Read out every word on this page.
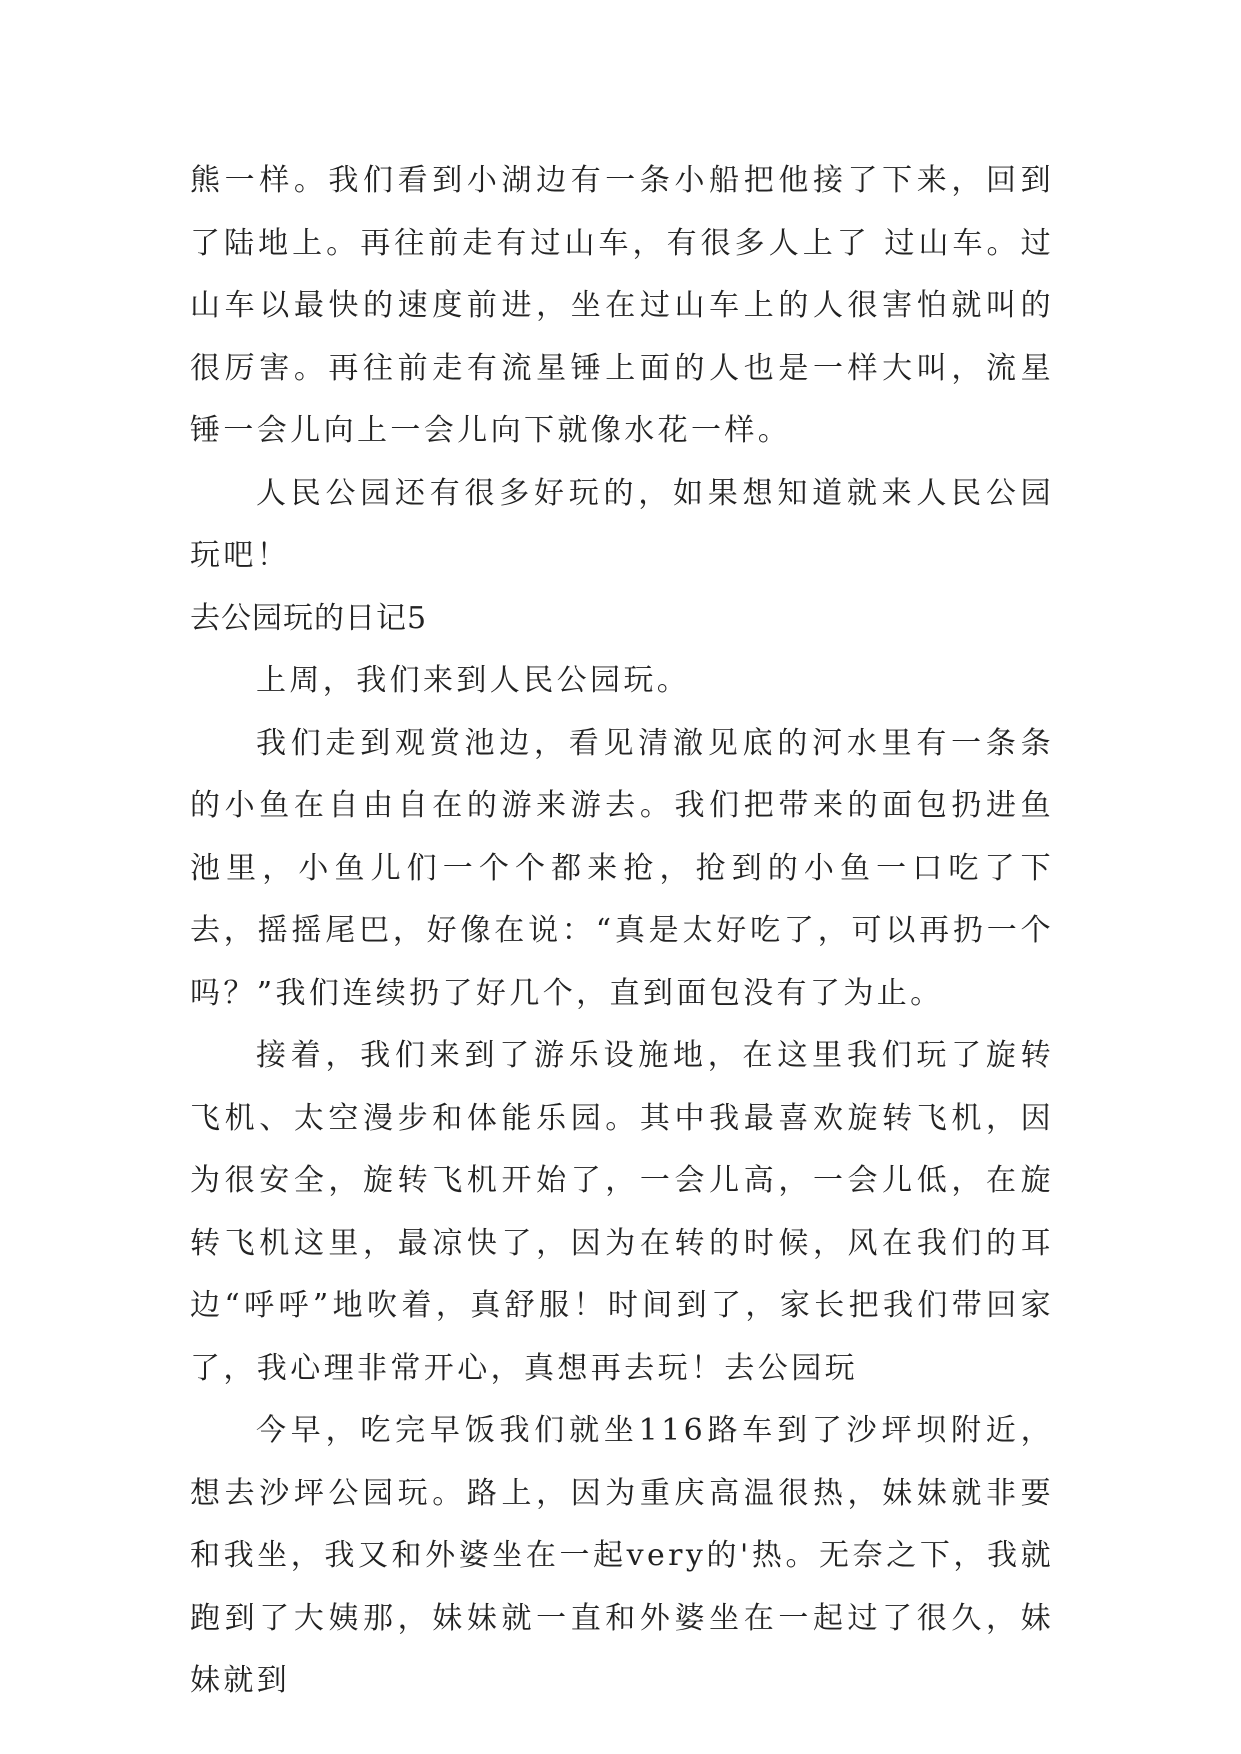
熊一样。我们看到小湖边有一条小船把他接了下来，回到了陆地上。再往前走有过山车，有很多人上了 过山车。过山车以最快的速度前进，坐在过山车上的人很害怕就叫的很厉害。再往前走有流星锤上面的人也是一样大叫，流星锤一会儿向上一会儿向下就像水花一样。

人民公园还有很多好玩的，如果想知道就来人民公园玩吧！

去公园玩的日记5

上周，我们来到人民公园玩。

我们走到观赏池边，看见清澈见底的河水里有一条条的小鱼在自由自在的游来游去。我们把带来的面包扔进鱼池里，小鱼儿们一个个都来抢，抢到的小鱼一口吃了下去，摇摇尾巴，好像在说：“真是太好吃了，可以再扔一个吗？”我们连续扔了好几个，直到面包没有了为止。

接着，我们来到了游乐设施地，在这里我们玩了旋转飞机、太空漫步和体能乐园。其中我最喜欢旋转飞机，因为很安全，旋转飞机开始了，一会儿高，一会儿低，在旋转飞机这里，最凉快了，因为在转的时候，风在我们的耳边“呼呼”地吹着，真舒服！时间到了，家长把我们带回家了，我心理非常开心，真想再去玩！去公园玩

今早，吃完早饭我们就坐116路车到了沙坪坝附近，想去沙坪公园玩。路上，因为重庆高温很热，妹妹就非要和我坐，我又和外婆坐在一起very的'热。无奈之下，我就跑到了大姨那，妹妹就一直和外婆坐在一起过了很久，妹妹就到
